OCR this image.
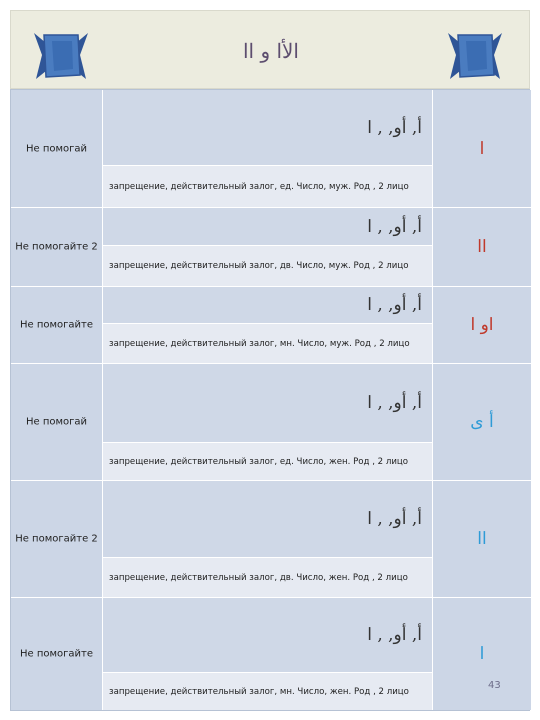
الأا و اا
Не помогай
أ, أو, , ا
запрещение, действительный залог, ед. Число, муж. Род , 2 лицо
ا
Не помогайте 2
أ, أو, , ا
запрещение, действительный залог, дв. Число, муж. Род , 2 лицо
اا
Не помогайте
أ, أو, , ا
запрещение, действительный залог, мн. Число, муж. Род , 2 лицо
او ا
Не помогай
أ, أو, , ا
запрещение, действительный залог, ед. Число, жен. Род , 2 лицо
أ ى
Не помогайте 2
أ, أو, , ا
запрещение, действительный залог, дв. Число, жен. Род , 2 лицо
اا
Не помогайте
أ, أو, , ا
запрещение, действительный залог, мн. Число, жен. Род , 2 лицо
ا
43
